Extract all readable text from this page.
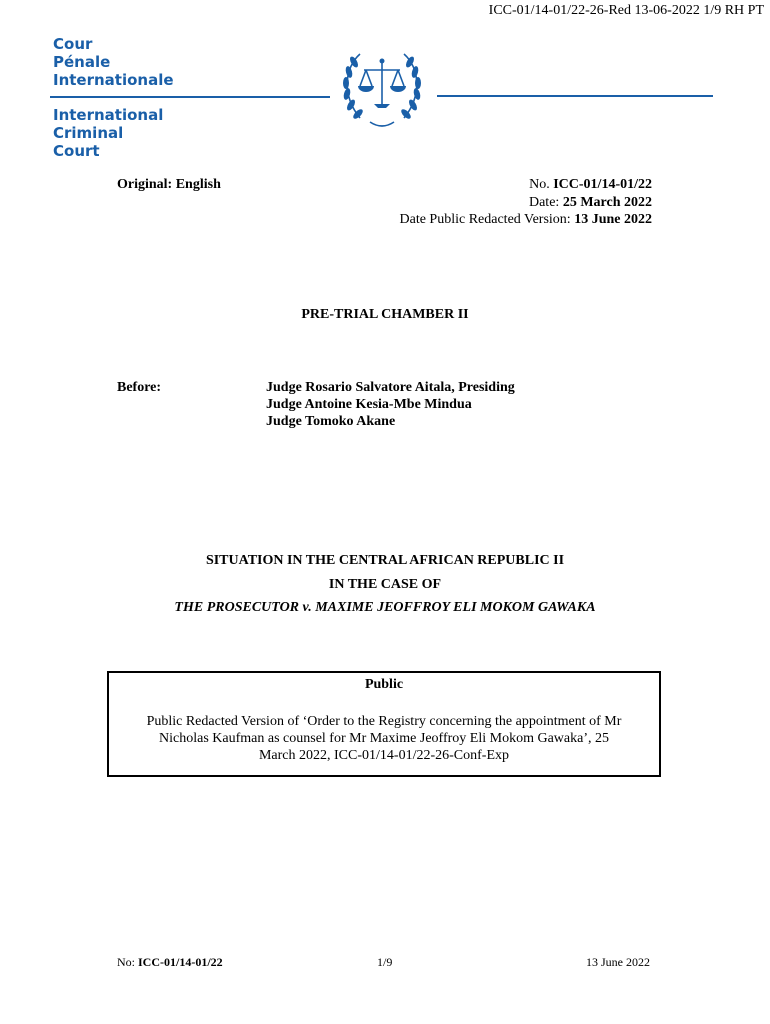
ICC-01/14-01/22-26-Red 13-06-2022 1/9 RH PT
Cour
Pénale
Internationale
International
Criminal
Court
Original: English	No. ICC-01/14-01/22
Date: 25 March 2022
Date Public Redacted Version: 13 June 2022
PRE-TRIAL CHAMBER II
Before:	Judge Rosario Salvatore Aitala, Presiding
Judge Antoine Kesia-Mbe Mindua
Judge Tomoko Akane
SITUATION IN THE CENTRAL AFRICAN REPUBLIC II
IN THE CASE OF
THE PROSECUTOR v. MAXIME JEOFFROY ELI MOKOM GAWAKA
Public
Public Redacted Version of ‘Order to the Registry concerning the appointment of Mr
Nicholas Kaufman as counsel for Mr Maxime Jeoffroy Eli Mokom Gawaka’, 25
March 2022, ICC-01/14-01/22-26-Conf-Exp
No: ICC-01/14-01/22	1/9	13 June 2022
